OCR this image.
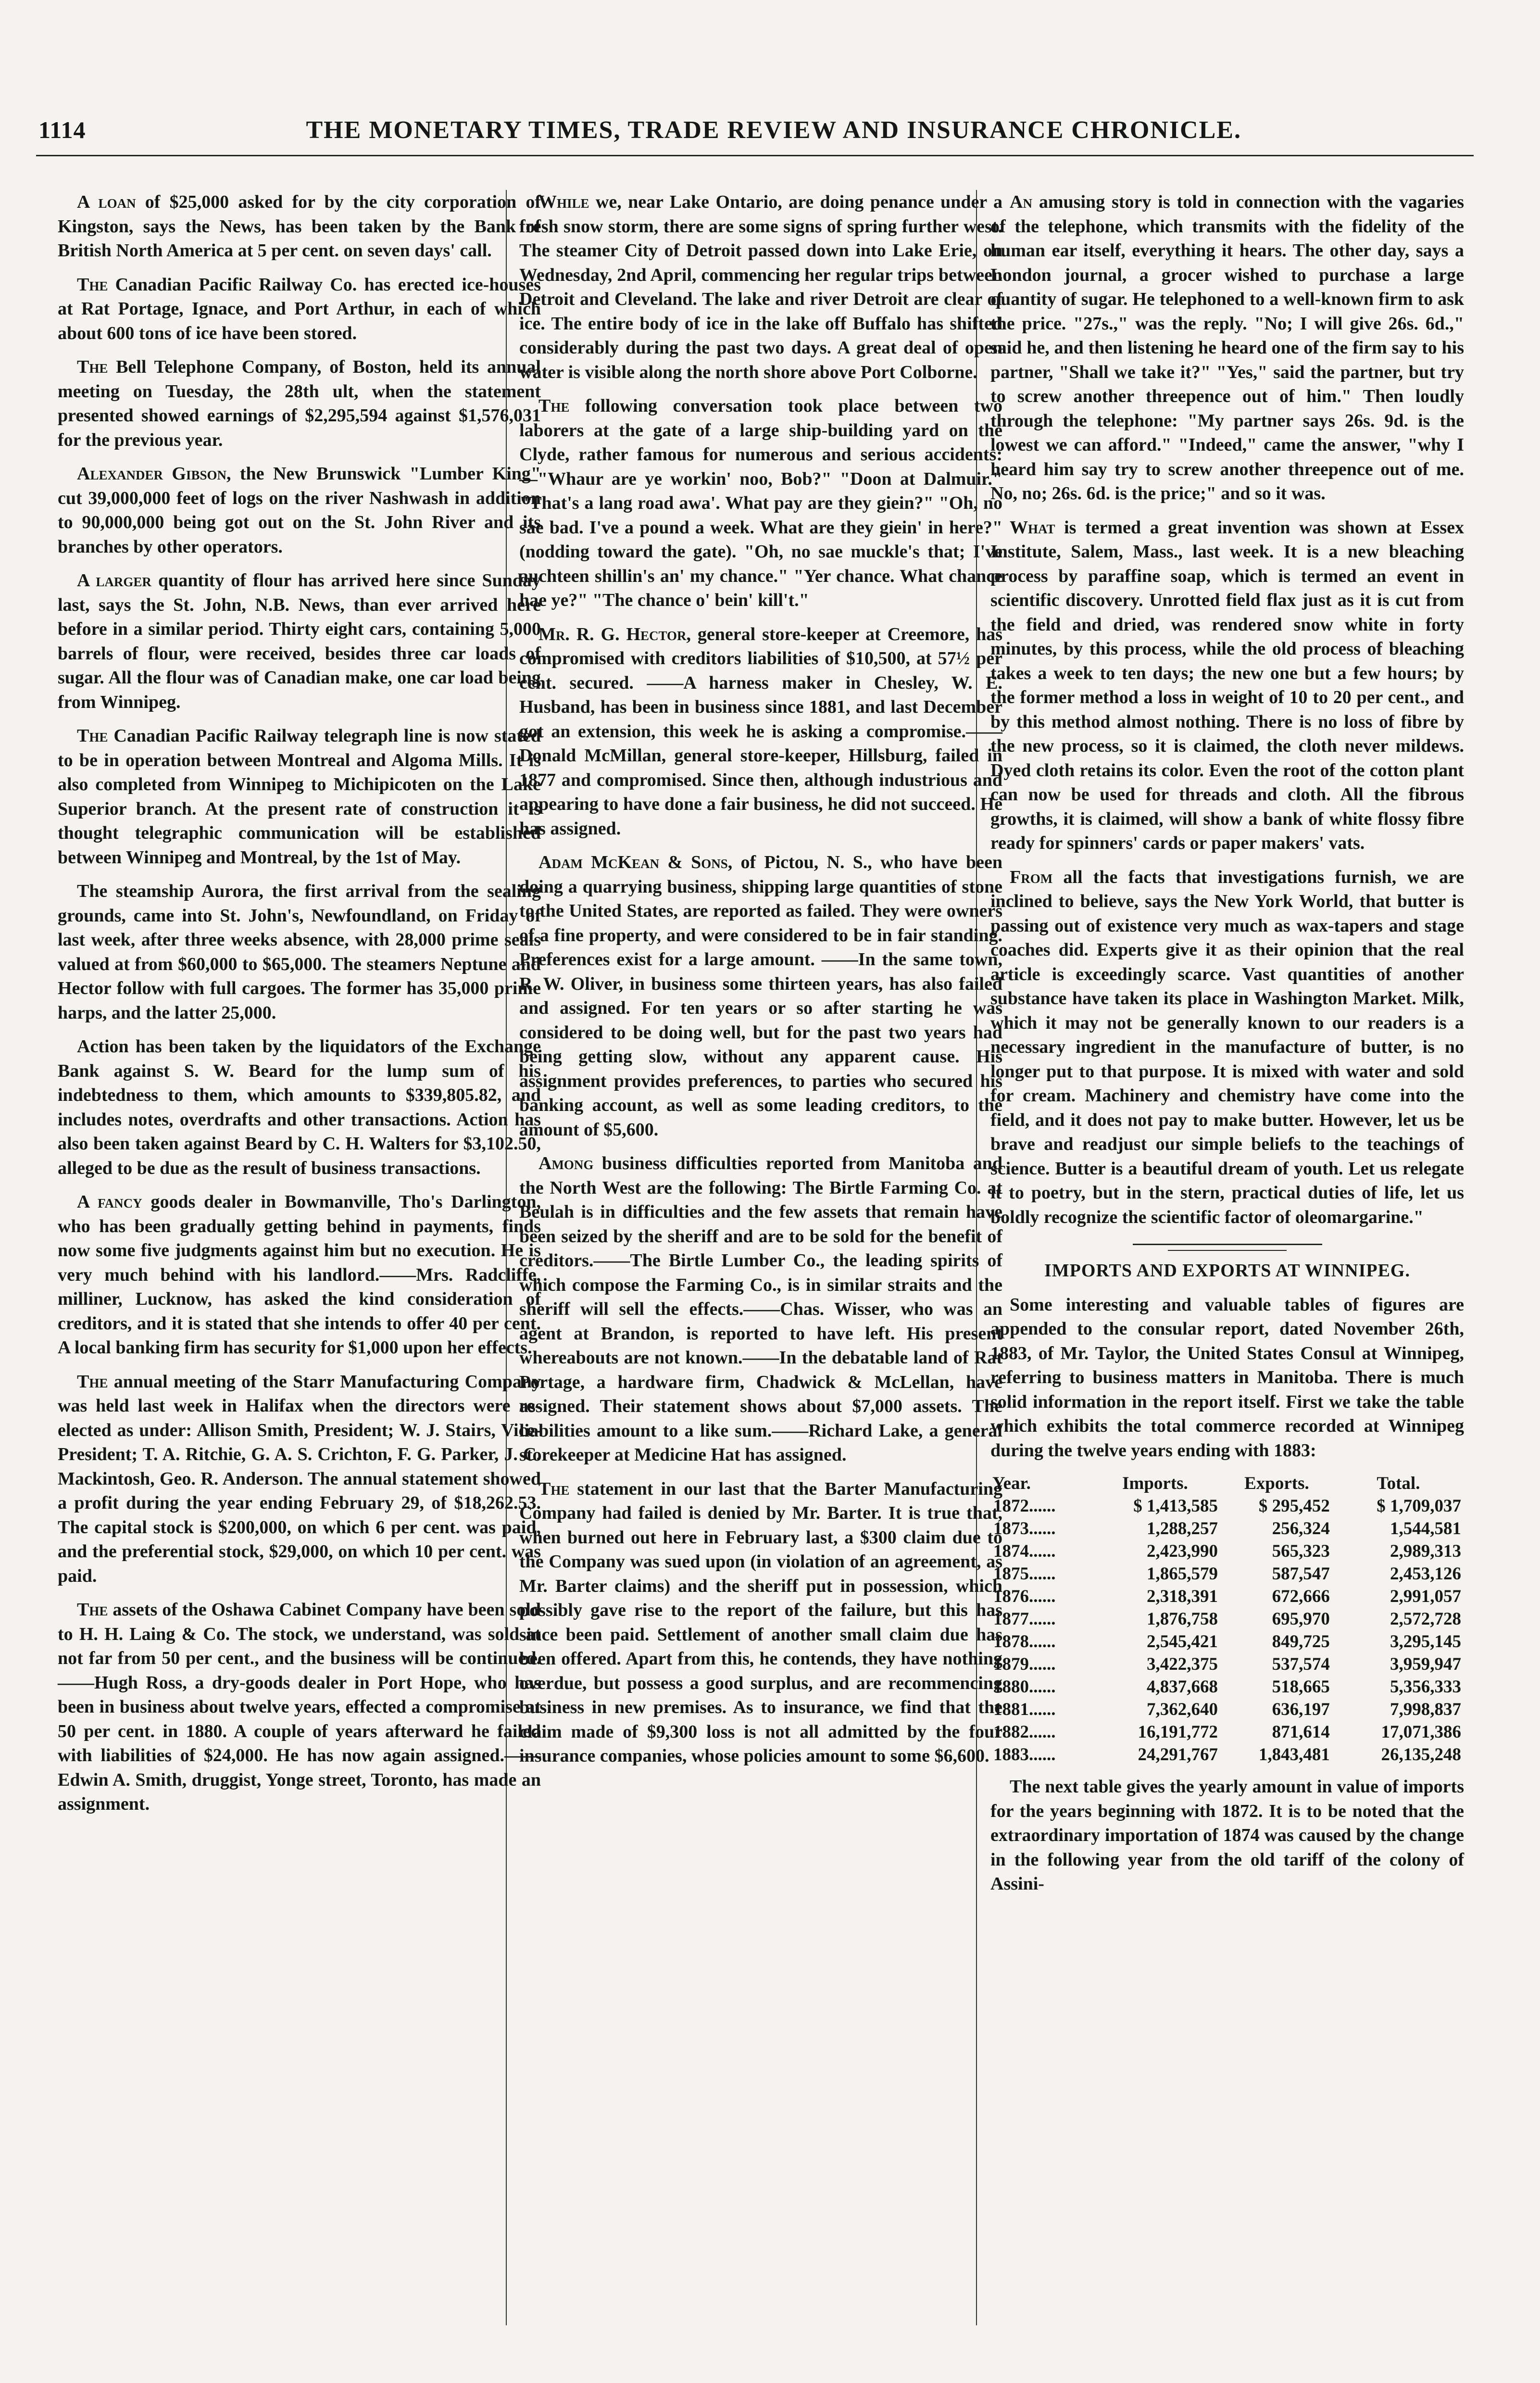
1114	THE MONETARY TIMES, TRADE REVIEW AND INSURANCE CHRONICLE.

A loan of $25,000 asked for by the city corporation of Kingston, says the News, has been taken by the Bank of British North America at 5 per cent. on seven days' call.

The Canadian Pacific Railway Co. has erected ice-houses at Rat Portage, Ignace, and Port Arthur, in each of which about 600 tons of ice have been stored.

The Bell Telephone Company, of Boston, held its annual meeting on Tuesday, the 28th ult, when the statement presented showed earnings of $2,295,594 against $1,576,031 for the previous year.

Alexander Gibson, the New Brunswick "Lumber King" cut 39,000,000 feet of logs on the river Nashwash in addition to 90,000,000 being got out on the St. John River and its branches by other operators.

A larger quantity of flour has arrived here since Sunday last, says the St. John, N.B. News, than ever arrived here before in a similar period. Thirty eight cars, containing 5,000 barrels of flour, were received, besides three car loads of sugar. All the flour was of Canadian make, one car load being from Winnipeg.

The Canadian Pacific Railway telegraph line is now stated to be in operation between Montreal and Algoma Mills. It is also completed from Winnipeg to Michipicoten on the Lake Superior branch. At the present rate of construction it is thought telegraphic communication will be established between Winnipeg and Montreal, by the 1st of May.

The steamship Aurora, the first arrival from the sealing grounds, came into St. John's, Newfoundland, on Friday of last week, after three weeks absence, with 28,000 prime seals valued at from $60,000 to $65,000. The steamers Neptune and Hector follow with full cargoes. The former has 35,000 prime harps, and the latter 25,000.

Action has been taken by the liquidators of the Exchange Bank against S. W. Beard for the lump sum of his indebtedness to them, which amounts to $339,805.82, and includes notes, overdrafts and other transactions. Action has also been taken against Beard by C. H. Walters for $3,102.50, alleged to be due as the result of business transactions.

A fancy goods dealer in Bowmanville, Tho's Darlington, who has been gradually getting behind in payments, finds now some five judgments against him but no execution. He is very much behind with his landlord.——Mrs. Radcliffe, milliner, Lucknow, has asked the kind consideration of creditors, and it is stated that she intends to offer 40 per cent. A local banking firm has security for $1,000 upon her effects.

The annual meeting of the Starr Manufacturing Company was held last week in Halifax when the directors were re-elected as under: Allison Smith, President; W. J. Stairs, Vice-President; T. A. Ritchie, G. A. S. Crichton, F. G. Parker, J. C. Mackintosh, Geo. R. Anderson. The annual statement showed a profit during the year ending February 29, of $18,262.53. The capital stock is $200,000, on which 6 per cent. was paid, and the preferential stock, $29,000, on which 10 per cent. was paid.

The assets of the Oshawa Cabinet Company have been sold to H. H. Laing & Co. The stock, we understand, was sold at not far from 50 per cent., and the business will be continued.——Hugh Ross, a dry-goods dealer in Port Hope, who has been in business about twelve years, effected a compromise at 50 per cent. in 1880. A couple of years afterward he failed with liabilities of $24,000. He has now again assigned.——Edwin A. Smith, druggist, Yonge street, Toronto, has made an assignment.

While we, near Lake Ontario, are doing penance under a fresh snow storm, there are some signs of spring further west. The steamer City of Detroit passed down into Lake Erie, on Wednesday, 2nd April, commencing her regular trips between Detroit and Cleveland. The lake and river Detroit are clear of ice. The entire body of ice in the lake off Buffalo has shifted considerably during the past two days. A great deal of open water is visible along the north shore above Port Colborne.

The following conversation took place between two laborers at the gate of a large ship-building yard on the Clyde, rather famous for numerous and serious accidents:—"Whaur are ye workin' noo, Bob?" "Doon at Dalmuir." "That's a lang road awa'. What pay are they giein?" "Oh, no sae bad. I've a pound a week. What are they giein' in here?" (nodding toward the gate). "Oh, no sae muckle's that; I've auchteen shillin's an' my chance." "Yer chance. What chance hae ye?" "The chance o' bein' kill't."

Mr. R. G. Hector, general store-keeper at Creemore, has compromised with creditors liabilities of $10,500, at 57½ per cent. secured. ——A harness maker in Chesley, W. E. Husband, has been in business since 1881, and last December got an extension, this week he is asking a compromise.——Donald McMillan, general store-keeper, Hillsburg, failed in 1877 and compromised. Since then, although industrious and appearing to have done a fair business, he did not succeed. He has assigned.

Adam McKean & Sons, of Pictou, N. S., who have been doing a quarrying business, shipping large quantities of stone to the United States, are reported as failed. They were owners of a fine property, and were considered to be in fair standing. Preferences exist for a large amount. ——In the same town, R. W. Oliver, in business some thirteen years, has also failed and assigned. For ten years or so after starting he was considered to be doing well, but for the past two years had being getting slow, without any apparent cause. His assignment provides preferences, to parties who secured his banking account, as well as some leading creditors, to the amount of $5,600.

Among business difficulties reported from Manitoba and the North West are the following: The Birtle Farming Co. at Beulah is in difficulties and the few assets that remain have been seized by the sheriff and are to be sold for the benefit of creditors.——The Birtle Lumber Co., the leading spirits of which compose the Farming Co., is in similar straits and the sheriff will sell the effects.——Chas. Wisser, who was an agent at Brandon, is reported to have left. His present whereabouts are not known.——In the debatable land of Rat Portage, a hardware firm, Chadwick & McLellan, have assigned. Their statement shows about $7,000 assets. The liabilities amount to a like sum.——Richard Lake, a general storekeeper at Medicine Hat has assigned.

The statement in our last that the Barter Manufacturing Company had failed is denied by Mr. Barter. It is true that, when burned out here in February last, a $300 claim due to the Company was sued upon (in violation of an agreement, as Mr. Barter claims) and the sheriff put in possession, which possibly gave rise to the report of the failure, but this has since been paid. Settlement of another small claim due has been offered. Apart from this, he contends, they have nothing overdue, but possess a good surplus, and are recommencing business in new premises. As to insurance, we find that the claim made of $9,300 loss is not all admitted by the four insurance companies, whose policies amount to some $6,600.

An amusing story is told in connection with the vagaries of the telephone, which transmits with the fidelity of the human ear itself, everything it hears. The other day, says a London journal, a grocer wished to purchase a large quantity of sugar. He telephoned to a well-known firm to ask the price. "27s.," was the reply. "No; I will give 26s. 6d.," said he, and then listening he heard one of the firm say to his partner, "Shall we take it?" "Yes," said the partner, but try to screw another threepence out of him." Then loudly through the telephone: "My partner says 26s. 9d. is the lowest we can afford." "Indeed," came the answer, "why I heard him say try to screw another threepence out of me. No, no; 26s. 6d. is the price;" and so it was.

What is termed a great invention was shown at Essex Institute, Salem, Mass., last week. It is a new bleaching process by paraffine soap, which is termed an event in scientific discovery. Unrotted field flax just as it is cut from the field and dried, was rendered snow white in forty minutes, by this process, while the old process of bleaching takes a week to ten days; the new one but a few hours; by the former method a loss in weight of 10 to 20 per cent., and by this method almost nothing. There is no loss of fibre by the new process, so it is claimed, the cloth never mildews. Dyed cloth retains its color. Even the root of the cotton plant can now be used for threads and cloth. All the fibrous growths, it is claimed, will show a bank of white flossy fibre ready for spinners' cards or paper makers' vats.

From all the facts that investigations furnish, we are inclined to believe, says the New York World, that butter is passing out of existence very much as wax-tapers and stage coaches did. Experts give it as their opinion that the real article is exceedingly scarce. Vast quantities of another substance have taken its place in Washington Market. Milk, which it may not be generally known to our readers is a necessary ingredient in the manufacture of butter, is no longer put to that purpose. It is mixed with water and sold for cream. Machinery and chemistry have come into the field, and it does not pay to make butter. However, let us be brave and readjust our simple beliefs to the teachings of science. Butter is a beautiful dream of youth. Let us relegate it to poetry, but in the stern, practical duties of life, let us boldly recognize the scientific factor of oleomargarine."

IMPORTS AND EXPORTS AT WINNIPEG.

Some interesting and valuable tables of figures are appended to the consular report, dated November 26th, 1883, of Mr. Taylor, the United States Consul at Winnipeg, referring to business matters in Manitoba. There is much solid information in the report itself. First we take the table which exhibits the total commerce recorded at Winnipeg during the twelve years ending with 1883:

Year.	Imports.	Exports.	Total.
1872......	$ 1,413,585	$ 295,452	$ 1,709,037
1873......	1,288,257	256,324	1,544,581
1874......	2,423,990	565,323	2,989,313
1875......	1,865,579	587,547	2,453,126
1876......	2,318,391	672,666	2,991,057
1877......	1,876,758	695,970	2,572,728
1878......	2,545,421	849,725	3,295,145
1879......	3,422,375	537,574	3,959,947
1880......	4,837,668	518,665	5,356,333
1881......	7,362,640	636,197	7,998,837
1882......	16,191,772	871,614	17,071,386
1883......	24,291,767	1,843,481	26,135,248

The next table gives the yearly amount in value of imports for the years beginning with 1872. It is to be noted that the extraordinary importation of 1874 was caused by the change in the following year from the old tariff of the colony of Assini-
